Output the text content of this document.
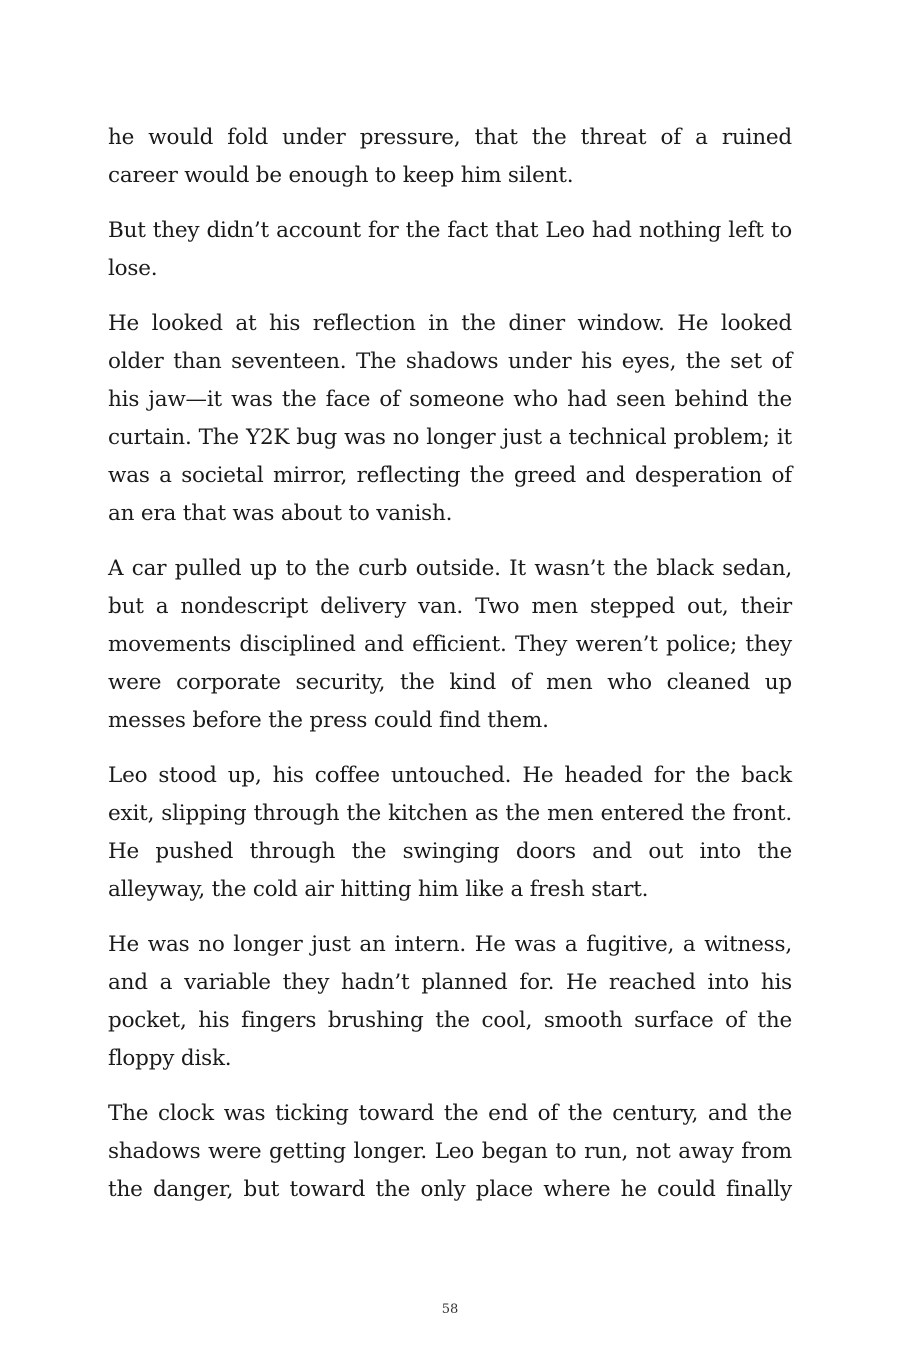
he would fold under pressure, that the threat of a ruined career would be enough to keep him silent.

But they didn’t account for the fact that Leo had nothing left to lose.

He looked at his reflection in the diner window. He looked older than seventeen. The shadows under his eyes, the set of his jaw—it was the face of someone who had seen behind the curtain. The Y2K bug was no longer just a technical problem; it was a societal mirror, reflecting the greed and desperation of an era that was about to vanish.

A car pulled up to the curb outside. It wasn’t the black sedan, but a nondescript delivery van. Two men stepped out, their movements disciplined and efficient. They weren’t police; they were corporate security, the kind of men who cleaned up messes before the press could find them.

Leo stood up, his coffee untouched. He headed for the back exit, slipping through the kitchen as the men entered the front. He pushed through the swinging doors and out into the alleyway, the cold air hitting him like a fresh start.

He was no longer just an intern. He was a fugitive, a witness, and a variable they hadn’t planned for. He reached into his pocket, his fingers brushing the cool, smooth surface of the floppy disk.

The clock was ticking toward the end of the century, and the shadows were getting longer. Leo began to run, not away from the danger, but toward the only place where he could finally

58
